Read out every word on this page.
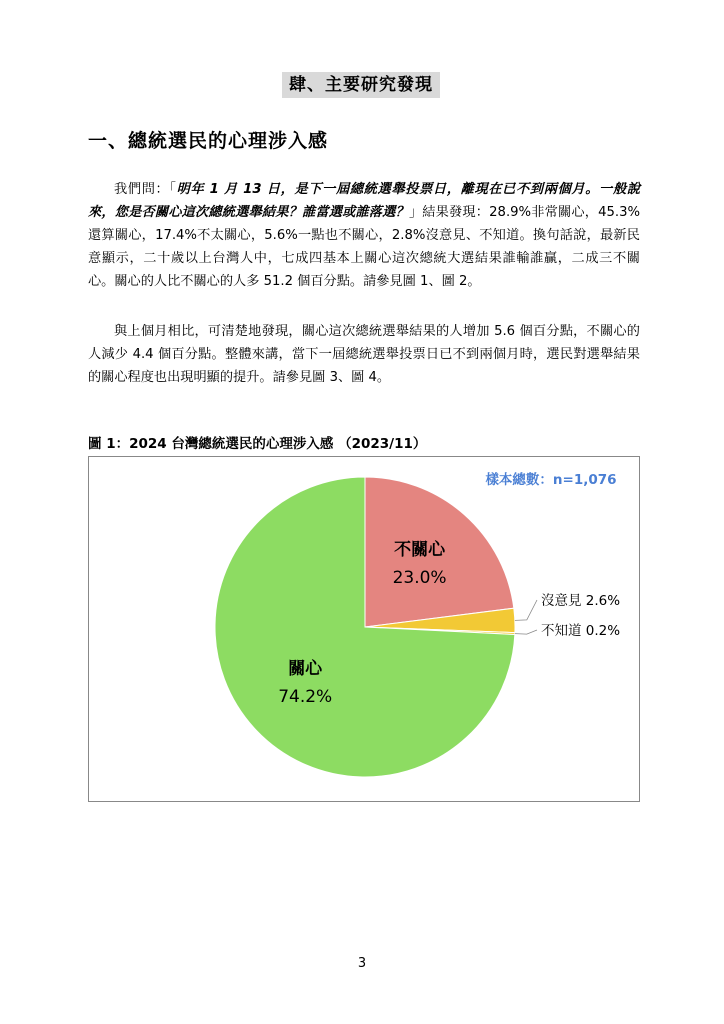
肆、主要研究發現
一、總統選民的心理涉入感
我們問：「明年 1 月 13 日，是下一屆總統選舉投票日，離現在已不到兩個月。一般說來，您是否關心這次總統選舉結果？誰當選或誰落選？」結果發現：28.9%非常關心，45.3%還算關心，17.4%不太關心，5.6%一點也不關心，2.8%沒意見、不知道。換句話說，最新民意顯示，二十歲以上台灣人中，七成四基本上關心這次總統大選結果誰輸誰贏，二成三不關心。關心的人比不關心的人多 51.2 個百分點。請參見圖 1、圖 2。
與上個月相比，可清楚地發現，關心這次總統選舉結果的人增加 5.6 個百分點，不關心的人減少 4.4 個百分點。整體來講，當下一屆總統選舉投票日已不到兩個月時，選民對選舉結果的關心程度也出現明顯的提升。請參見圖 3、圖 4。
圖 1：2024 台灣總統選民的心理涉入感 （2023/11）
樣本總數：n=1,076
不關心
23.0%
沒意見 2.6%
不知道 0.2%
關心
74.2%
3
